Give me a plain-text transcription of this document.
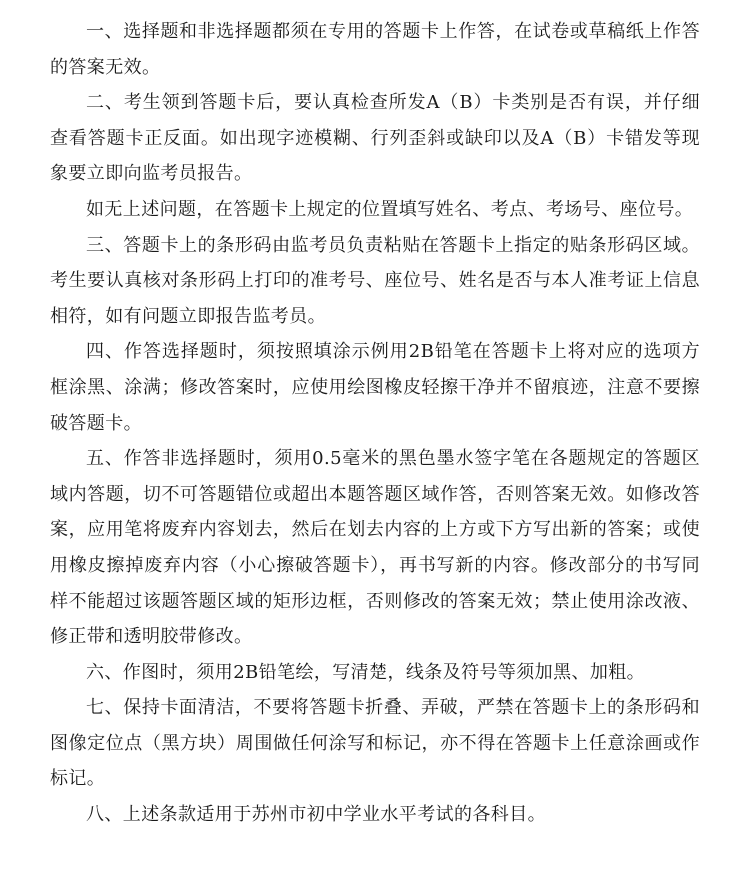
一、选择题和非选择题都须在专用的答题卡上作答，在试卷或草稿纸上作答的答案无效。

二、考生领到答题卡后，要认真检查所发A（B）卡类别是否有误，并仔细查看答题卡正反面。如出现字迹模糊、行列歪斜或缺印以及A（B）卡错发等现象要立即向监考员报告。

如无上述问题，在答题卡上规定的位置填写姓名、考点、考场号、座位号。

三、答题卡上的条形码由监考员负责粘贴在答题卡上指定的贴条形码区域。考生要认真核对条形码上打印的准考号、座位号、姓名是否与本人准考证上信息相符，如有问题立即报告监考员。

四、作答选择题时，须按照填涂示例用2B铅笔在答题卡上将对应的选项方框涂黑、涂满；修改答案时，应使用绘图橡皮轻擦干净并不留痕迹，注意不要擦破答题卡。

五、作答非选择题时，须用0.5毫米的黑色墨水签字笔在各题规定的答题区域内答题，切不可答题错位或超出本题答题区域作答，否则答案无效。如修改答案，应用笔将废弃内容划去，然后在划去内容的上方或下方写出新的答案；或使用橡皮擦掉废弃内容（小心擦破答题卡），再书写新的内容。修改部分的书写同样不能超过该题答题区域的矩形边框，否则修改的答案无效；禁止使用涂改液、修正带和透明胶带修改。

六、作图时，须用2B铅笔绘，写清楚，线条及符号等须加黑、加粗。

七、保持卡面清洁，不要将答题卡折叠、弄破，严禁在答题卡上的条形码和图像定位点（黑方块）周围做任何涂写和标记，亦不得在答题卡上任意涂画或作标记。

八、上述条款适用于苏州市初中学业水平考试的各科目。
